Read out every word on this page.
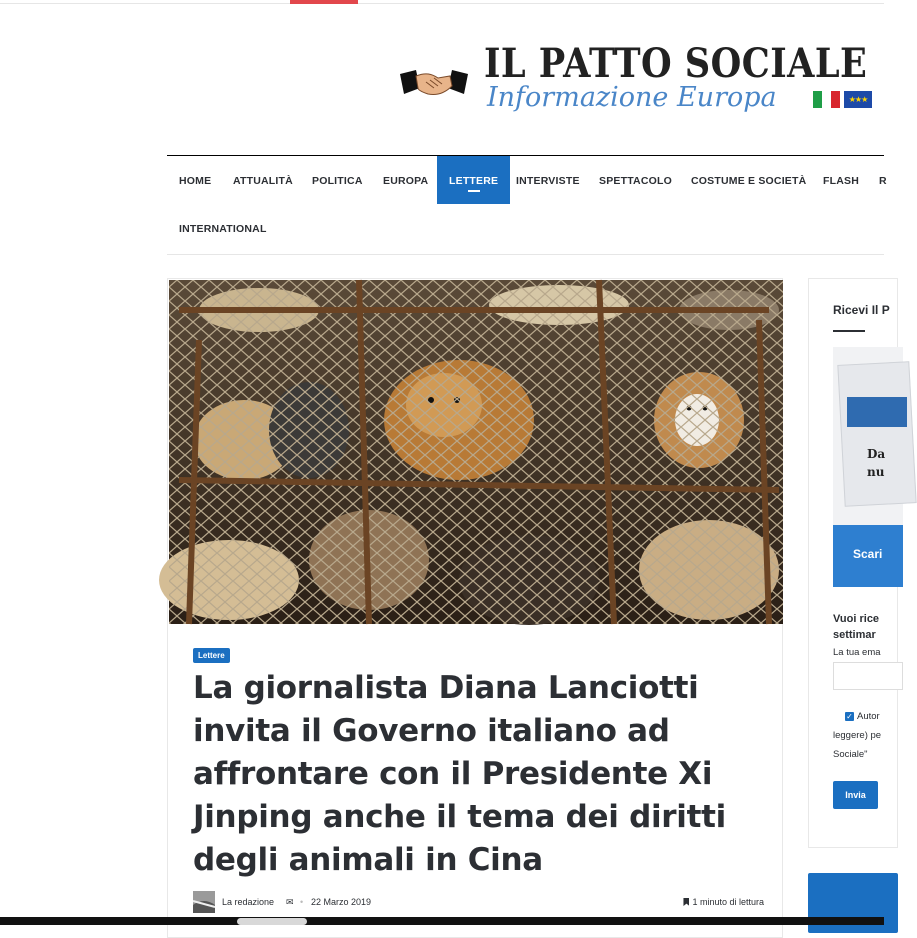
IL PATTO SOCIALE
Informazione Europa	★★★
HOME	ATTUALITÀ	POLITICA	EUROPA	LETTERE	INTERVISTE	SPETTACOLO	COSTUME E SOCIETÀ	FLASH	R
INTERNATIONAL
Lettere
La giornalista Diana Lanciotti invita il Governo italiano ad affrontare con il Presidente Xi Jinping anche il tema dei diritti degli animali in Cina
La redazione ✉ • 22 Marzo 2019	1 minuto di lettura
Ricevi Il P
Da
nu
Scari
Vuoi rice
settimar
La tua ema
✓ Autor
leggere) pe
Sociale"
Invia
